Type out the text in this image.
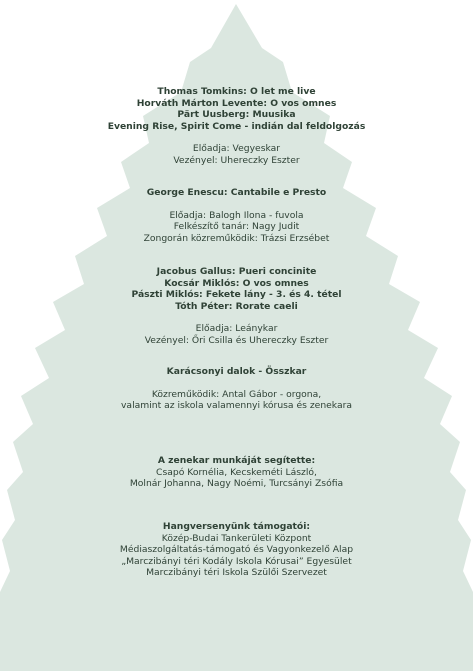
Thomas Tomkins: O let me live
Horváth Márton Levente: O vos omnes
Pärt Uusberg: Muusika
Evening Rise, Spirit Come - indián dal feldolgozás
Előadja: Vegyeskar
Vezényel: Uhereczky Eszter
George Enescu: Cantabile e Presto
Előadja: Balogh Ilona - fuvola
Felkészítő tanár: Nagy Judit
Zongorán közreműködik: Trázsi Erzsébet
Jacobus Gallus: Pueri concinite
Kocsár Miklós: O vos omnes
Pászti Miklós: Fekete lány - 3. és 4. tétel
Tóth Péter: Rorate caeli
Előadja: Leánykar
Vezényel: Őri Csilla és Uhereczky Eszter
Karácsonyi dalok - Összkar
Közreműködik: Antal Gábor - orgona,
valamint az iskola valamennyi kórusa és zenekara
A zenekar munkáját segítette:
Csapó Kornélia, Kecskeméti László,
Molnár Johanna, Nagy Noémi, Turcsányi Zsófia
Hangversenyünk támogatói:
Közép-Budai Tankerületi Központ
Médiaszolgáltatás-támogató és Vagyonkezelő Alap
„Marczibányi téri Kodály Iskola Kórusai” Egyesület
Marczibányi téri Iskola Szülői Szervezet
